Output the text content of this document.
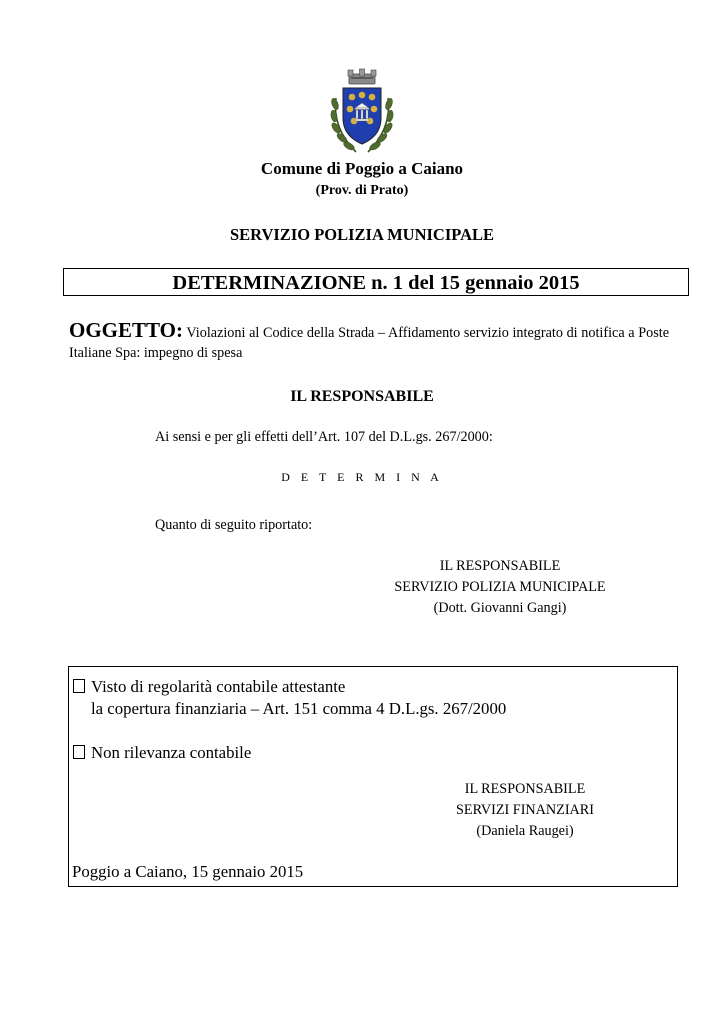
Comune di Poggio a Caiano
(Prov. di Prato)
SERVIZIO POLIZIA MUNICIPALE
DETERMINAZIONE n. 1 del 15 gennaio 2015
OGGETTO: Violazioni al Codice della Strada – Affidamento servizio integrato di notifica a Poste Italiane Spa: impegno di spesa
IL RESPONSABILE
Ai sensi e per gli effetti dell’Art. 107 del D.L.gs. 267/2000:
D E T E R M I N A
Quanto di seguito riportato:
IL RESPONSABILE
SERVIZIO POLIZIA MUNICIPALE
(Dott. Giovanni Gangi)
Visto di regolarità contabile attestante
la copertura finanziaria – Art. 151 comma 4 D.L.gs. 267/2000
Non rilevanza contabile
IL RESPONSABILE
SERVIZI FINANZIARI
(Daniela Raugei)
Poggio a Caiano, 15 gennaio 2015
